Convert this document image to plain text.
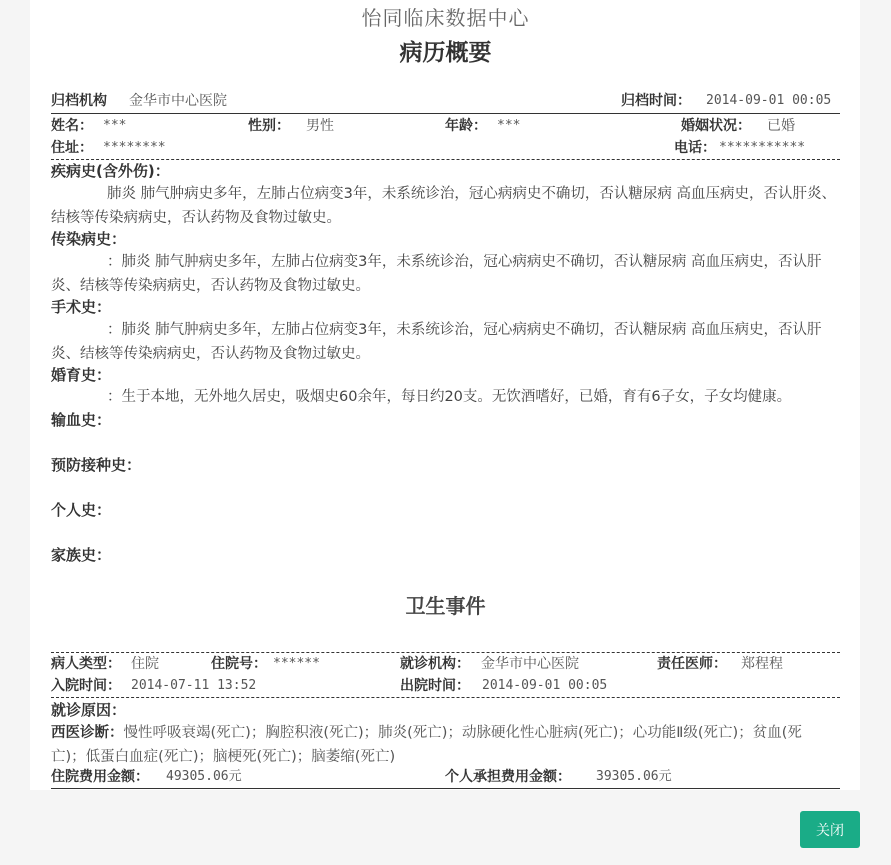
怡同临床数据中心
病历概要
归档机构 金华市中心医院	归档时间： 2014-09-01 00:05
姓名： ***	性别： 男性	年龄： ***	婚姻状况： 已婚
住址： ********	电话： ***********
疾病史(含外伤)：
肺炎 肺气肿病史多年，左肺占位病变3年，未系统诊治，冠心病病史不确切，否认糖尿病 高血压病史，否认肝炎、结核等传染病病史，否认药物及食物过敏史。
传染病史：
：肺炎 肺气肿病史多年，左肺占位病变3年，未系统诊治，冠心病病史不确切，否认糖尿病 高血压病史，否认肝炎、结核等传染病病史，否认药物及食物过敏史。
手术史：
：肺炎 肺气肿病史多年，左肺占位病变3年，未系统诊治，冠心病病史不确切，否认糖尿病 高血压病史，否认肝炎、结核等传染病病史，否认药物及食物过敏史。
婚育史：
：生于本地，无外地久居史，吸烟史60余年，每日约20支。无饮酒嗜好，已婚，育有6子女，子女均健康。
输血史：
预防接种史：
个人史：
家族史：
卫生事件
病人类型： 住院	住院号： ******	就诊机构： 金华市中心医院	责任医师： 郑程程
入院时间： 2014-07-11 13:52	出院时间： 2014-09-01 00:05
就诊原因：
西医诊断：慢性呼吸衰竭(死亡)；胸腔积液(死亡)；肺炎(死亡)；动脉硬化性心脏病(死亡)；心功能Ⅱ级(死亡)；贫血(死亡)；低蛋白血症(死亡)；脑梗死(死亡)；脑萎缩(死亡)
住院费用金额： 49305.06元	个人承担费用金额： 39305.06元
关闭
